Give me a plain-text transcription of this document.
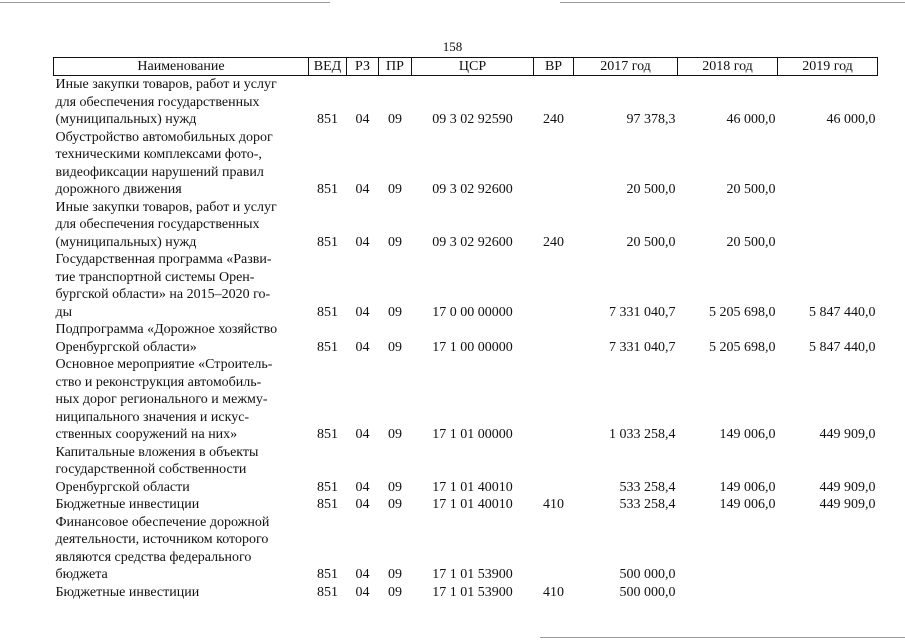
158
Наименование	ВЕД	РЗ	ПР	ЦСР	ВР	2017 год	2018 год	2019 год

Иные закупки товаров, работ и услуг
для обеспечения государственных
(муниципальных) нужд	851	04	09	09 3 02 92590	240	97 378,3	46 000,0	46 000,0

Обустройство автомобильных дорог
техническими комплексами фото-,
видеофиксации нарушений правил
дорожного движения	851	04	09	09 3 02 92600		20 500,0	20 500,0	

Иные закупки товаров, работ и услуг
для обеспечения государственных
(муниципальных) нужд	851	04	09	09 3 02 92600	240	20 500,0	20 500,0	

Государственная программа «Разви-
тие транспортной системы Орен-
бургской области» на 2015–2020 го-
ды	851	04	09	17 0 00 00000		7 331 040,7	5 205 698,0	5 847 440,0

Подпрограмма «Дорожное хозяйство
Оренбургской области»	851	04	09	17 1 00 00000		7 331 040,7	5 205 698,0	5 847 440,0

Основное мероприятие «Строитель-
ство и реконструкция автомобиль-
ных дорог регионального и межму-
ниципального значения и искус-
ственных сооружений на них»	851	04	09	17 1 01 00000		1 033 258,4	149 006,0	449 909,0

Капитальные вложения в объекты
государственной собственности
Оренбургской области	851	04	09	17 1 01 40010		533 258,4	149 006,0	449 909,0

Бюджетные инвестиции	851	04	09	17 1 01 40010	410	533 258,4	149 006,0	449 909,0

Финансовое обеспечение дорожной
деятельности, источником которого
являются средства федерального
бюджета	851	04	09	17 1 01 53900		500 000,0		

Бюджетные инвестиции	851	04	09	17 1 01 53900	410	500 000,0		
